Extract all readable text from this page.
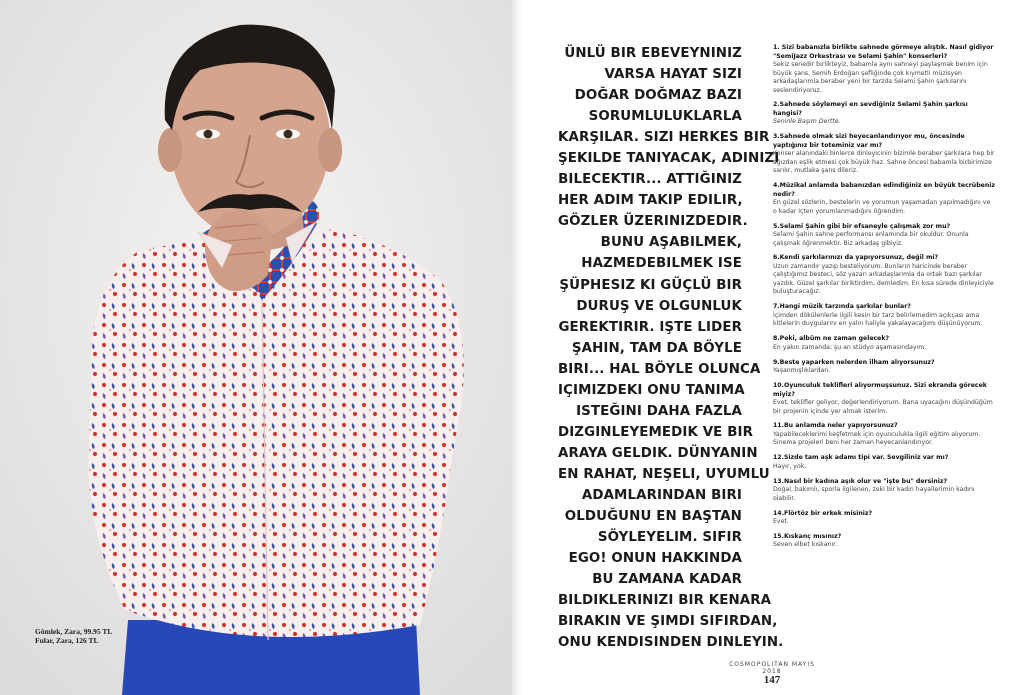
Gömlek, Zara, 99.95 TL
Fular, Zara, 126 TL
ÜNLÜ BIR EBEVEYNINIZ
VARSA HAYAT SIZI
DOĞAR DOĞMAZ BAZI
SORUMLULUKLARLA
KARŞILAR. SIZI HERKES BIR
ŞEKILDE TANIYACAK, ADINIZI
BILECEKTIR... ATTIĞINIZ
HER ADIM TAKIP EDILIR,
GÖZLER ÜZERINIZDEDIR.
BUNU AŞABILMEK,
HAZMEDEBILMEK ISE
ŞÜPHESIZ KI GÜÇLÜ BIR
DURUŞ VE OLGUNLUK
GEREKTIRIR. IŞTE LIDER
ŞAHIN, TAM DA BÖYLE
BIRI... HAL BÖYLE OLUNCA
IÇIMIZDEKI ONU TANIMA
ISTEĞINI DAHA FAZLA
DIZGINLEYEMEDIK VE BIR
ARAYA GELDIK. DÜNYANIN
EN RAHAT, NEŞELI, UYUMLU
ADAMLARINDAN BIRI
OLDUĞUNU EN BAŞTAN
SÖYLEYELIM. SIFIR
EGO! ONUN HAKKINDA
BU ZAMANA KADAR
BILDIKLERINIZI BIR KENARA
BIRAKIN VE ŞIMDI SIFIRDAN,
ONU KENDISINDEN DINLEYIN.
1. Sizi babanızla birlikte sahnede görmeye alıştık. Nasıl gidiyor "SemiJazz Orkestrası ve Selami Şahin" konserleri?
Sekiz senedir birlikteyiz, babamla aynı sahneyi paylaşmak benim için büyük şans. Semih Erdoğan şefliğinde çok kıymetli müzisyen arkadaşlarımla beraber yeni bir tarzda Selami Şahin şarkılarını seslendiriyoruz.
2.Sahnede söylemeyi en sevdiğiniz Selami Şahin şarkısı hangisi?
Seninle Başım Dertte.
3.Sahnede olmak sizi heyecanlandırıyor mu, öncesinde yaptığınız bir toteminiz var mı?
Konser alanındaki binlerce dinleyicinin bizimle beraber şarkılara hep bir ağızdan eşlik etmesi çok büyük haz. Sahne öncesi babamla birbirimize sarılır, mutlaka şans dileriz.
4.Müzikal anlamda babanızdan edindiğiniz en büyük tecrübeniz nedir?
En güzel sözlerin, bestelerin ve yorumun yaşamadan yapılmadığını ve o kadar içten yorumlanmadığını öğrendim.
5.Selami Şahin gibi bir efsaneyle çalışmak zor mu?
Selami Şahin sahne performansı anlamında bir okuldur. Onunla çalışmak öğrenmektir. Biz arkadaş gibiyiz.
6.Kendi şarkılarınızı da yapıyorsunuz, değil mi?
Uzun zamandır yazıp besteliyorum. Bunların haricinde beraber çalıştığımız besteci, söz yazarı arkadaşlarımla da ortak bazı şarkılar yazdık. Güzel şarkılar biriktirdim, demledim. En kısa sürede dinleyiciyle buluşturacağız.
7.Hangi müzik tarzında şarkılar bunlar?
İçimden dökülenlerle ilgili kesin bir tarz belirlemedim açıkçası ama kitlelerin duygularını en yalın haliyle yakalayacağımı düşünüyorum.
8.Peki, albüm ne zaman gelecek?
En yakın zamanda; şu an stüdyo aşamasındayım.
9.Beste yaparken nelerden ilham alıyorsunuz?
Yaşanmışlıklardan.
10.Oyunculuk teklifleri alıyormuşsunuz. Sizi ekranda görecek miyiz?
Evet, teklifler geliyor, değerlendiriyorum. Bana uyacağını düşündüğüm bir projenin içinde yer almak isterim.
11.Bu anlamda neler yapıyorsunuz?
Yapabileceklerimi keşfetmek için oyunculukla ilgili eğitim alıyorum. Sinema projeleri beni her zaman heyecanlandırıyor.
12.Sizde tam aşk adamı tipi var. Sevgiliniz var mı?
Hayır, yok.
13.Nasıl bir kadına aşık olur ve "işte bu" dersiniz?
Doğal, bakımlı, sporla ilgilenen, zeki bir kadın hayallerimin kadını olabilir.
14.Flörtöz bir erkek misiniz?
Evet.
15.Kıskanç mısınız?
Seven elbet kıskanır.
COSMOPOLITAN MAYIS 2018
147
